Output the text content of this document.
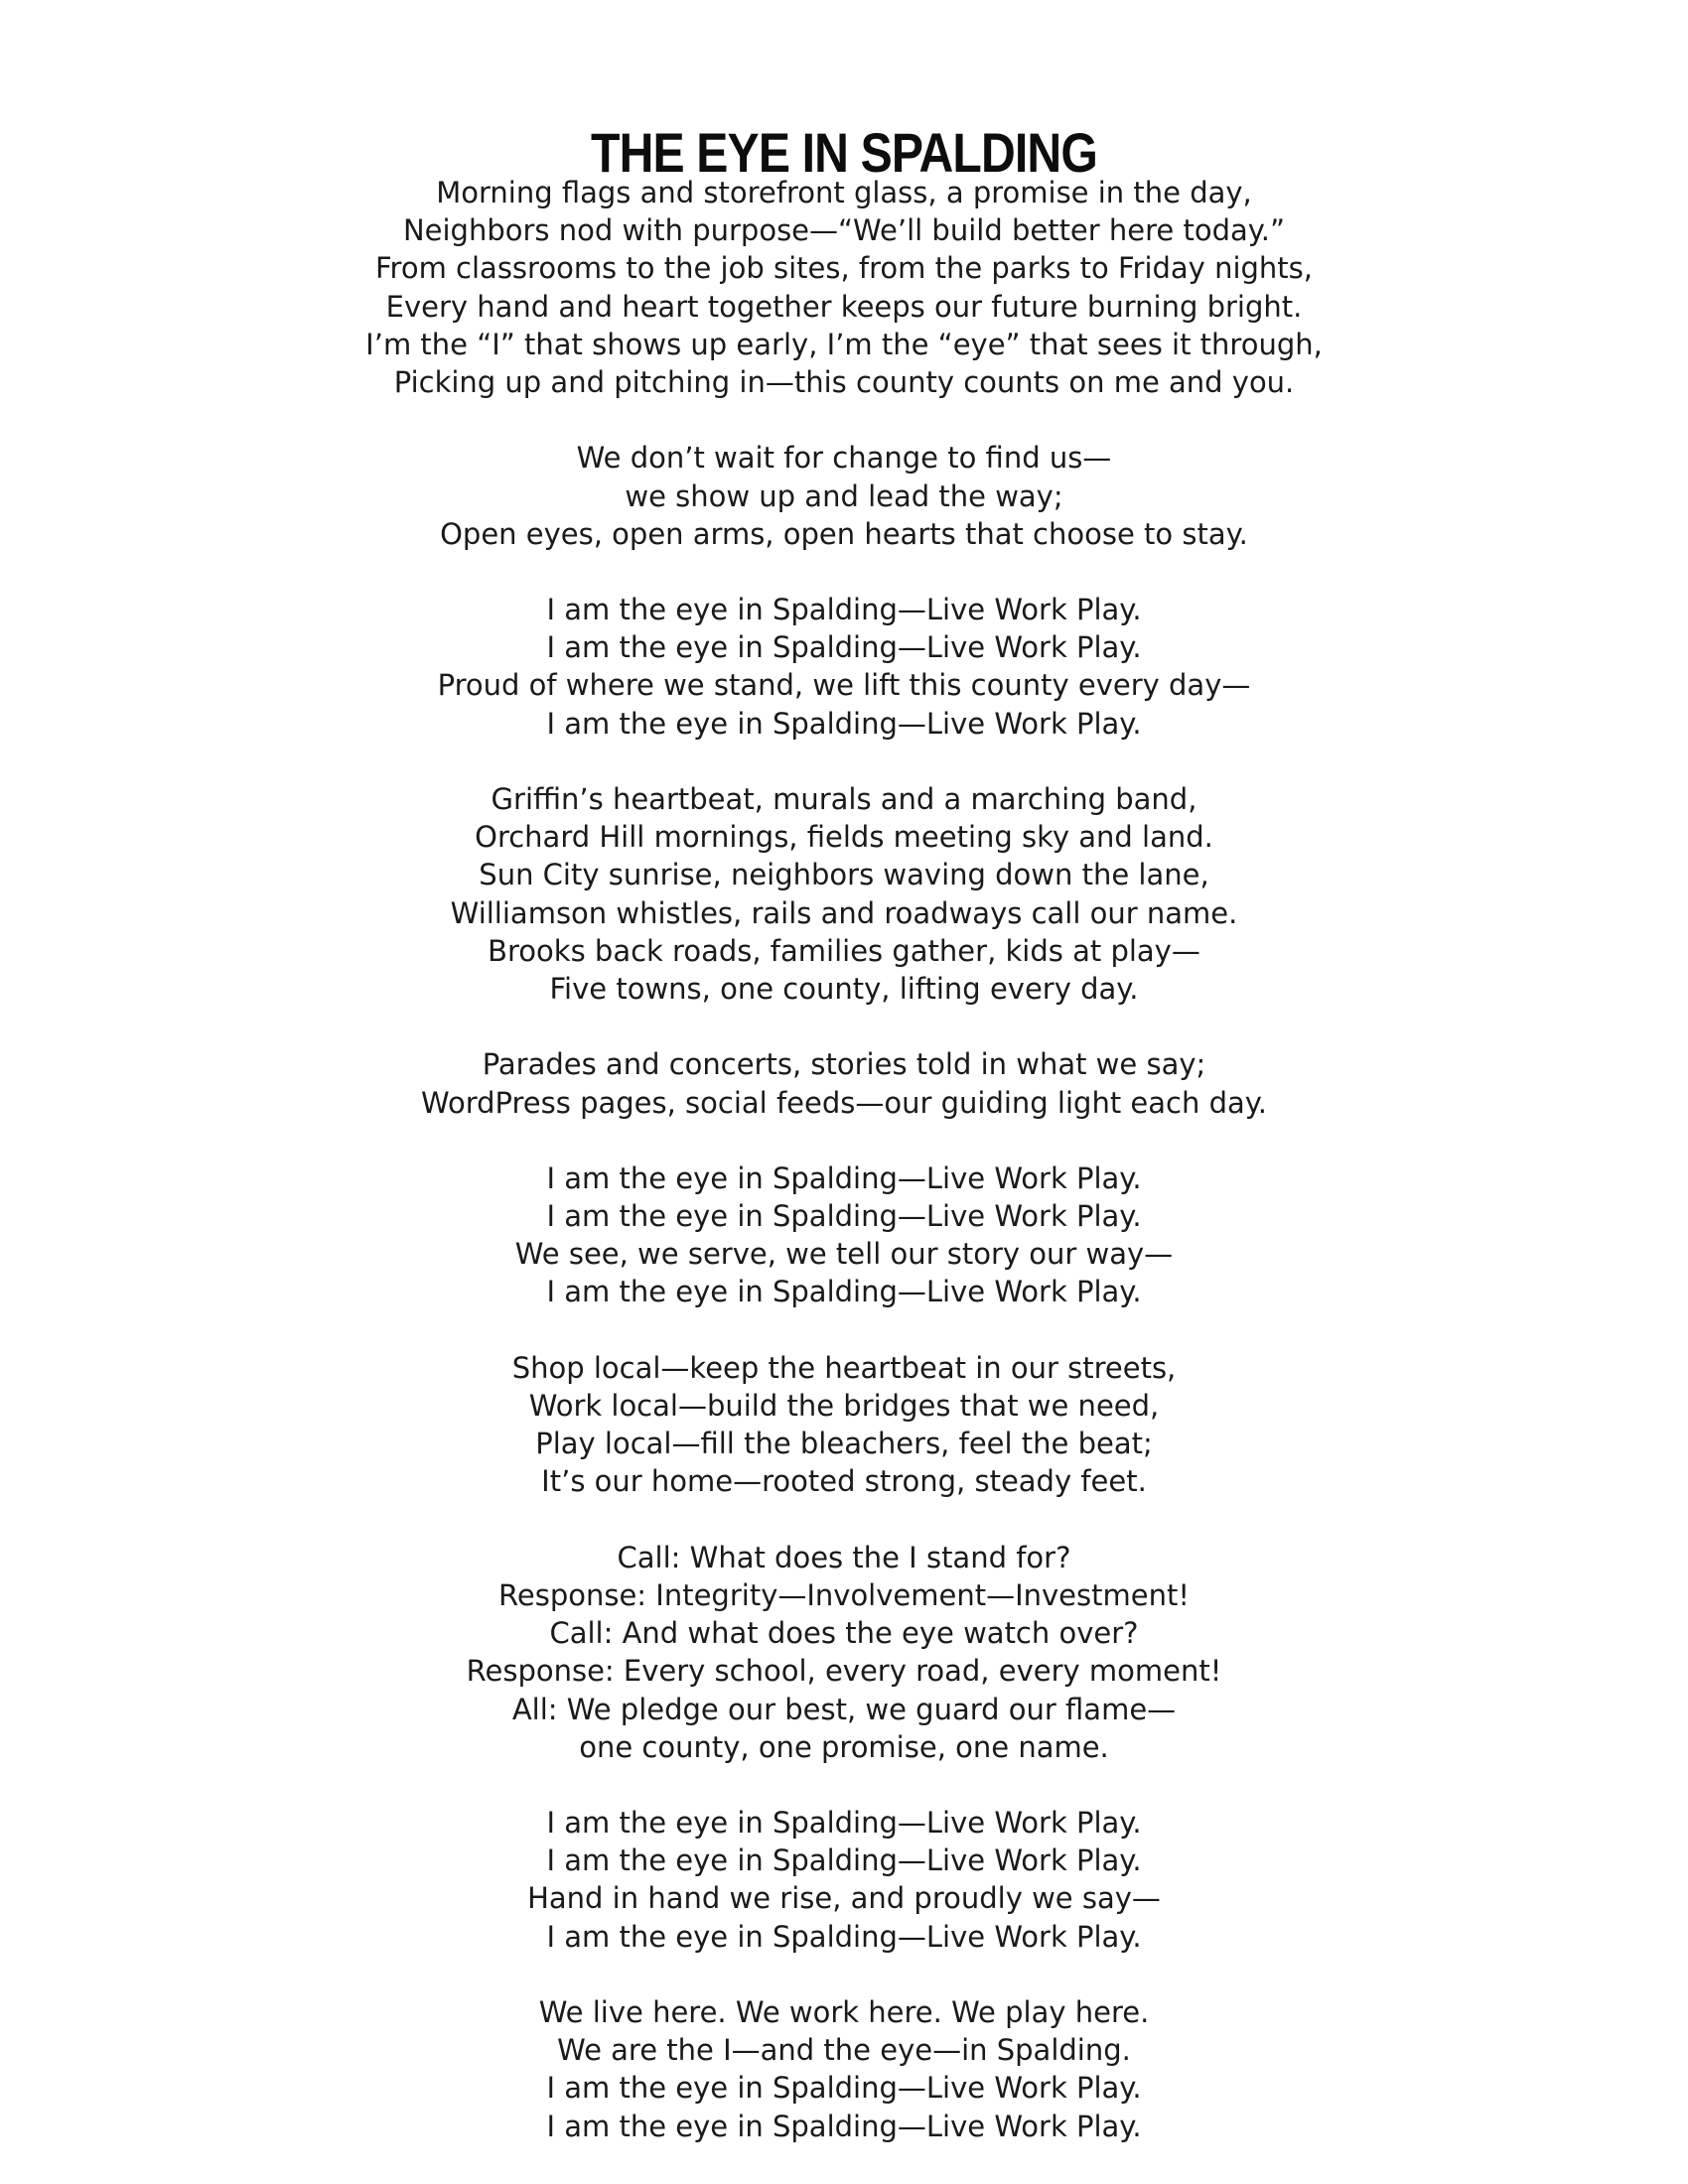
THE EYE IN SPALDING

Morning flags and storefront glass, a promise in the day,
Neighbors nod with purpose—“We’ll build better here today.”
From classrooms to the job sites, from the parks to Friday nights,
Every hand and heart together keeps our future burning bright.
I’m the “I” that shows up early, I’m the “eye” that sees it through,
Picking up and pitching in—this county counts on me and you.

We don’t wait for change to find us—
we show up and lead the way;
Open eyes, open arms, open hearts that choose to stay.

I am the eye in Spalding—Live Work Play.
I am the eye in Spalding—Live Work Play.
Proud of where we stand, we lift this county every day—
I am the eye in Spalding—Live Work Play.

Griffin’s heartbeat, murals and a marching band,
Orchard Hill mornings, fields meeting sky and land.
Sun City sunrise, neighbors waving down the lane,
Williamson whistles, rails and roadways call our name.
Brooks back roads, families gather, kids at play—
Five towns, one county, lifting every day.

Parades and concerts, stories told in what we say;
WordPress pages, social feeds—our guiding light each day.

I am the eye in Spalding—Live Work Play.
I am the eye in Spalding—Live Work Play.
We see, we serve, we tell our story our way—
I am the eye in Spalding—Live Work Play.

Shop local—keep the heartbeat in our streets,
Work local—build the bridges that we need,
Play local—fill the bleachers, feel the beat;
It’s our home—rooted strong, steady feet.

Call: What does the I stand for?
Response: Integrity—Involvement—Investment!
Call: And what does the eye watch over?
Response: Every school, every road, every moment!
All: We pledge our best, we guard our flame—
one county, one promise, one name.

I am the eye in Spalding—Live Work Play.
I am the eye in Spalding—Live Work Play.
Hand in hand we rise, and proudly we say—
I am the eye in Spalding—Live Work Play.

We live here. We work here. We play here.
We are the I—and the eye—in Spalding.
I am the eye in Spalding—Live Work Play.
I am the eye in Spalding—Live Work Play.
